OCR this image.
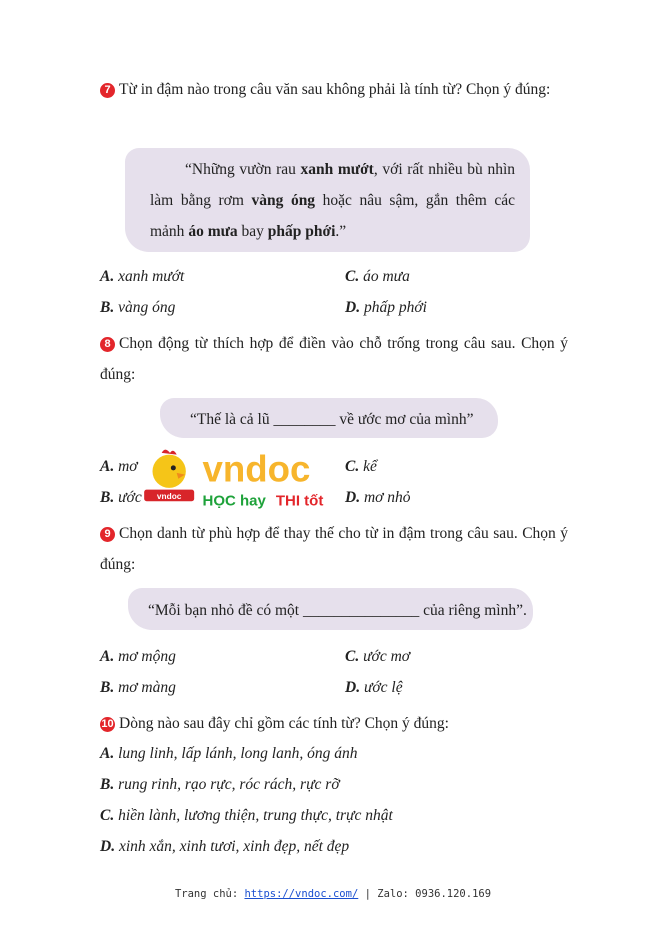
7 Từ in đậm nào trong câu văn sau không phải là tính từ? Chọn ý đúng:
“Những vườn rau xanh mướt, với rất nhiều bù nhìn làm bằng rơm vàng óng hoặc nâu sậm, gắn thêm các mảnh áo mưa bay phấp phới.”
A. xanh mướt	C. áo mưa
B. vàng óng	D. phấp phới
8 Chọn động từ thích hợp để điền vào chỗ trống trong câu sau. Chọn ý đúng:
“Thế là cả lũ ________ về ước mơ của mình”
A. mơ	C. kể
B. ước	D. mơ nhỏ
vndoc
vndoc
HỌC hay THI tốt
9 Chọn danh từ phù hợp để thay thế cho từ in đậm trong câu sau. Chọn ý đúng:
“Mỗi bạn nhỏ đề có một _______________ của riêng mình”.
A. mơ mộng	C. ước mơ
B. mơ màng	D. ước lệ
10 Dòng nào sau đây chỉ gồm các tính từ? Chọn ý đúng:
A. lung linh, lấp lánh, long lanh, óng ánh
B. rung rinh, rạo rực, róc rách, rực rỡ
C. hiền lành, lương thiện, trung thực, trực nhật
D. xinh xắn, xinh tươi, xinh đẹp, nết đẹp
Trang chủ: https://vndoc.com/ | Zalo: 0936.120.169
